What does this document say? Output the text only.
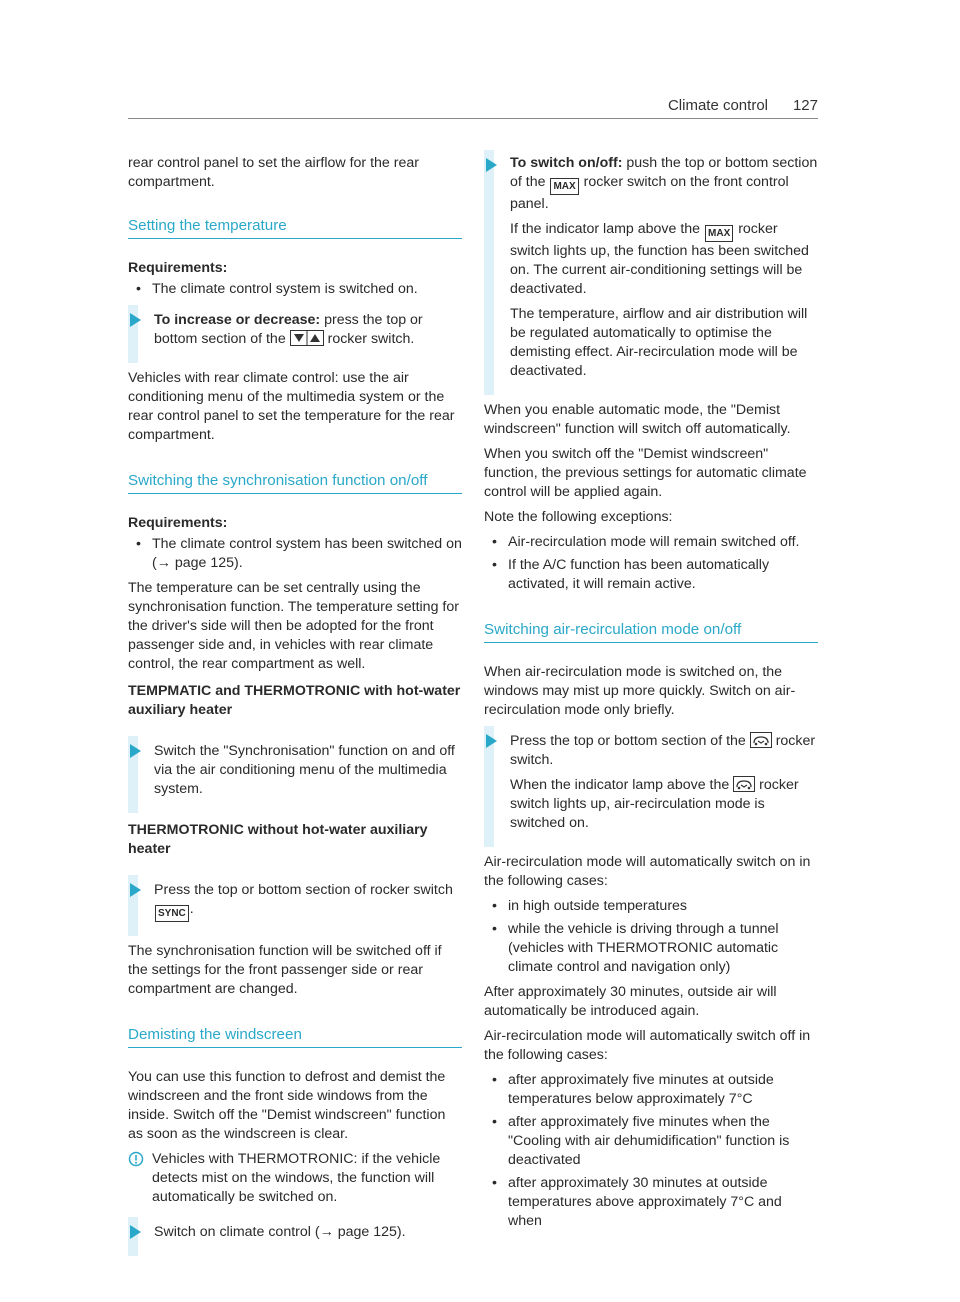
Climate control 127

rear control panel to set the airflow for the rear compartment.

Setting the temperature

Requirements:

• The climate control system is switched on.

To increase or decrease: press the top or bottom section of the  rocker switch.

Vehicles with rear climate control: use the air conditioning menu of the multimedia system or the rear control panel to set the temperature for the rear compartment.

Switching the synchronisation function on/off

Requirements:

• The climate control system has been switched on (→ page 125).

The temperature can be set centrally using the synchronisation function. The temperature setting for the driver's side will then be adopted for the front passenger side and, in vehicles with rear climate control, the rear compartment as well.

TEMPMATIC and THERMOTRONIC with hot-water auxiliary heater

Switch the "Synchronisation" function on and off via the air conditioning menu of the multimedia system.

THERMOTRONIC without hot-water auxiliary heater

Press the top or bottom section of rocker switch SYNC .

The synchronisation function will be switched off if the settings for the front passenger side or rear compartment are changed.

Demisting the windscreen

You can use this function to defrost and demist the windscreen and the front side windows from the inside. Switch off the "Demist windscreen" function as soon as the windscreen is clear.

Vehicles with THERMOTRONIC: if the vehicle detects mist on the windows, the function will automatically be switched on.

Switch on climate control (→ page 125).

To switch on/off: push the top or bottom section of the MAX rocker switch on the front control panel.

If the indicator lamp above the MAX rocker switch lights up, the function has been switched on. The current air-conditioning settings will be deactivated.

The temperature, airflow and air distribution will be regulated automatically to optimise the demisting effect. Air-recirculation mode will be deactivated.

When you enable automatic mode, the "Demist windscreen" function will switch off automatically.

When you switch off the "Demist windscreen" function, the previous settings for automatic climate control will be applied again.

Note the following exceptions:

• Air-recirculation mode will remain switched off.
• If the A/C function has been automatically activated, it will remain active.
Switching air-recirculation mode on/off

When air-recirculation mode is switched on, the windows may mist up more quickly. Switch on air-recirculation mode only briefly.

Press the top or bottom section of the  rocker switch.

When the indicator lamp above the  rocker switch lights up, air-recirculation mode is switched on.

Air-recirculation mode will automatically switch on in the following cases:

• in high outside temperatures
• while the vehicle is driving through a tunnel (vehicles with THERMOTRONIC automatic climate control and navigation only)

After approximately 30 minutes, outside air will automatically be introduced again.

Air-recirculation mode will automatically switch off in the following cases:

• after approximately five minutes at outside temperatures below approximately 7°C
• after approximately five minutes when the "Cooling with air dehumidification" function is deactivated
• after approximately 30 minutes at outside temperatures above approximately 7°C and when
